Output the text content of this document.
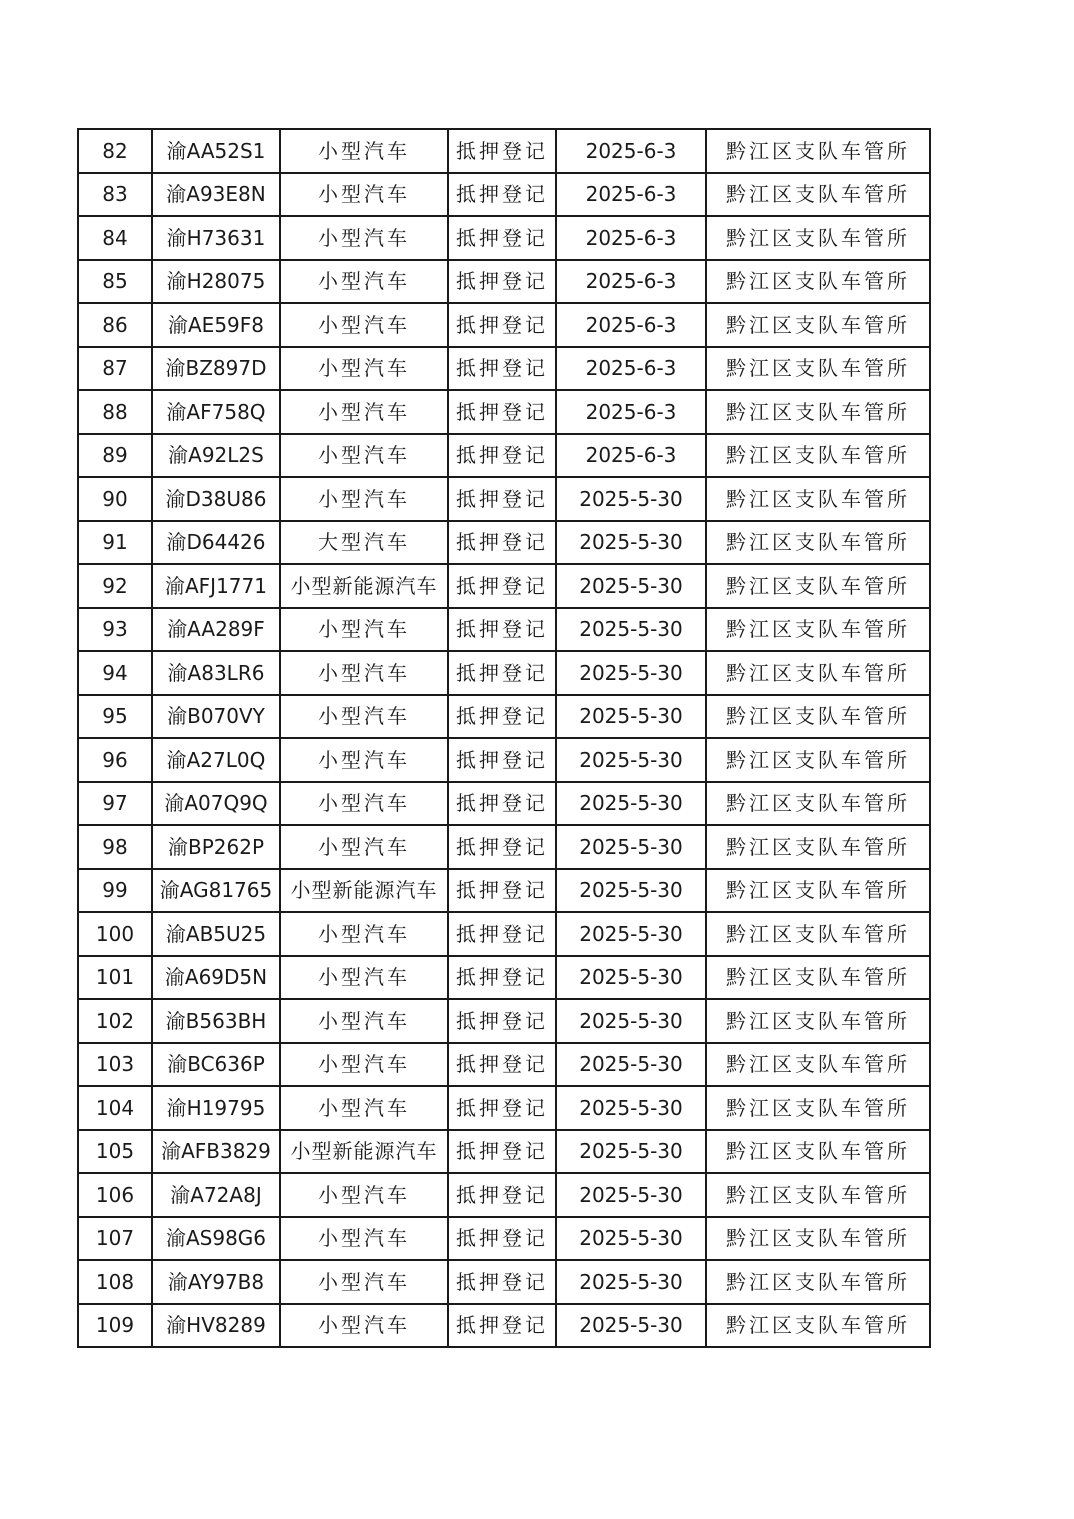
82	渝AA52S1	小型汽车	抵押登记	2025-6-3	黔江区支队车管所
83	渝A93E8N	小型汽车	抵押登记	2025-6-3	黔江区支队车管所
84	渝H73631	小型汽车	抵押登记	2025-6-3	黔江区支队车管所
85	渝H28075	小型汽车	抵押登记	2025-6-3	黔江区支队车管所
86	渝AE59F8	小型汽车	抵押登记	2025-6-3	黔江区支队车管所
87	渝BZ897D	小型汽车	抵押登记	2025-6-3	黔江区支队车管所
88	渝AF758Q	小型汽车	抵押登记	2025-6-3	黔江区支队车管所
89	渝A92L2S	小型汽车	抵押登记	2025-6-3	黔江区支队车管所
90	渝D38U86	小型汽车	抵押登记	2025-5-30	黔江区支队车管所
91	渝D64426	大型汽车	抵押登记	2025-5-30	黔江区支队车管所
92	渝AFJ1771	小型新能源汽车	抵押登记	2025-5-30	黔江区支队车管所
93	渝AA289F	小型汽车	抵押登记	2025-5-30	黔江区支队车管所
94	渝A83LR6	小型汽车	抵押登记	2025-5-30	黔江区支队车管所
95	渝B070VY	小型汽车	抵押登记	2025-5-30	黔江区支队车管所
96	渝A27L0Q	小型汽车	抵押登记	2025-5-30	黔江区支队车管所
97	渝A07Q9Q	小型汽车	抵押登记	2025-5-30	黔江区支队车管所
98	渝BP262P	小型汽车	抵押登记	2025-5-30	黔江区支队车管所
99	渝AG81765	小型新能源汽车	抵押登记	2025-5-30	黔江区支队车管所
100	渝AB5U25	小型汽车	抵押登记	2025-5-30	黔江区支队车管所
101	渝A69D5N	小型汽车	抵押登记	2025-5-30	黔江区支队车管所
102	渝B563BH	小型汽车	抵押登记	2025-5-30	黔江区支队车管所
103	渝BC636P	小型汽车	抵押登记	2025-5-30	黔江区支队车管所
104	渝H19795	小型汽车	抵押登记	2025-5-30	黔江区支队车管所
105	渝AFB3829	小型新能源汽车	抵押登记	2025-5-30	黔江区支队车管所
106	渝A72A8J	小型汽车	抵押登记	2025-5-30	黔江区支队车管所
107	渝AS98G6	小型汽车	抵押登记	2025-5-30	黔江区支队车管所
108	渝AY97B8	小型汽车	抵押登记	2025-5-30	黔江区支队车管所
109	渝HV8289	小型汽车	抵押登记	2025-5-30	黔江区支队车管所
